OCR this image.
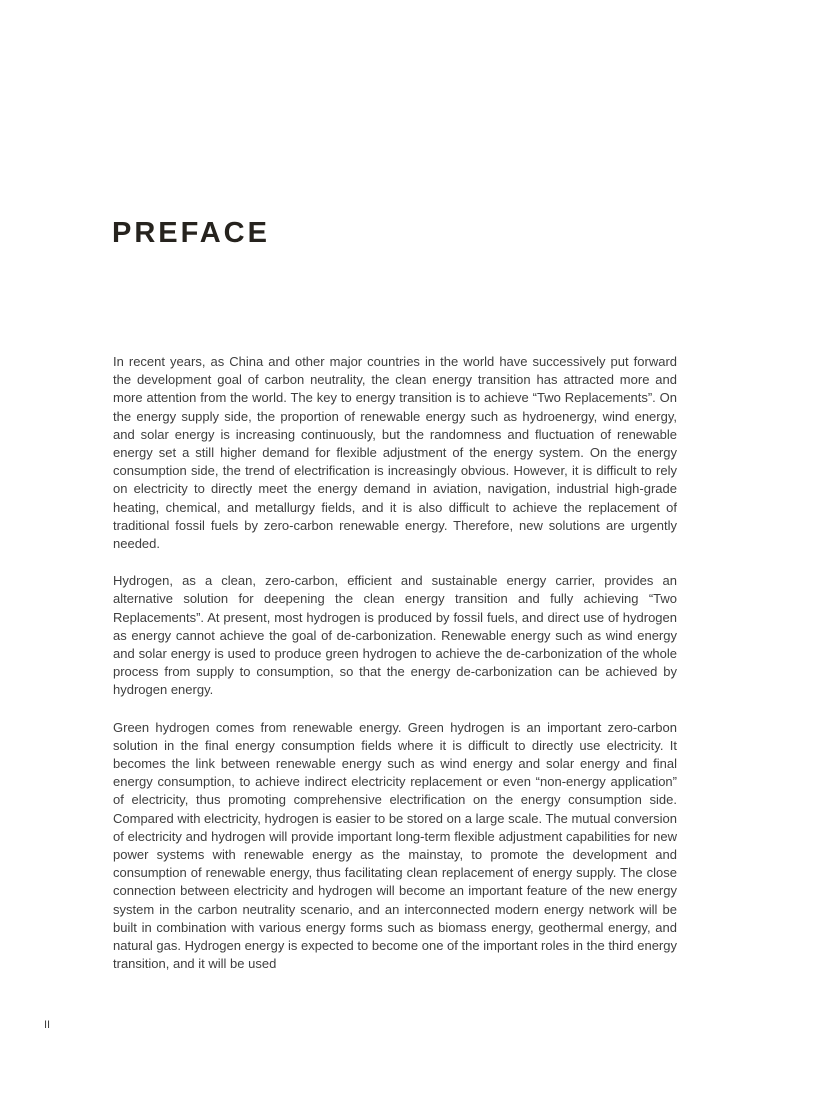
PREFACE

In recent years, as China and other major countries in the world have successively put forward the development goal of carbon neutrality, the clean energy transition has attracted more and more attention from the world. The key to energy transition is to achieve “Two Replacements”. On the energy supply side, the proportion of renewable energy such as hydroenergy, wind energy, and solar energy is increasing continuously, but the randomness and fluctuation of renewable energy set a still higher demand for flexible adjustment of the energy system. On the energy consumption side, the trend of electrification is increasingly obvious. However, it is difficult to rely on electricity to directly meet the energy demand in aviation, navigation, industrial high-grade heating, chemical, and metallurgy fields, and it is also difficult to achieve the replacement of traditional fossil fuels by zero-carbon renewable energy. Therefore, new solutions are urgently needed.

Hydrogen, as a clean, zero-carbon, efficient and sustainable energy carrier, provides an alternative solution for deepening the clean energy transition and fully achieving “Two Replacements”. At present, most hydrogen is produced by fossil fuels, and direct use of hydrogen as energy cannot achieve the goal of de-carbonization. Renewable energy such as wind energy and solar energy is used to produce green hydrogen to achieve the de-carbonization of the whole process from supply to consumption, so that the energy de-carbonization can be achieved by hydrogen energy.

Green hydrogen comes from renewable energy. Green hydrogen is an important zero-carbon solution in the final energy consumption fields where it is difficult to directly use electricity. It becomes the link between renewable energy such as wind energy and solar energy and final energy consumption, to achieve indirect electricity replacement or even “non-energy application” of electricity, thus promoting comprehensive electrification on the energy consumption side. Compared with electricity, hydrogen is easier to be stored on a large scale. The mutual conversion of electricity and hydrogen will provide important long-term flexible adjustment capabilities for new power systems with renewable energy as the mainstay, to promote the development and consumption of renewable energy, thus facilitating clean replacement of energy supply. The close connection between electricity and hydrogen will become an important feature of the new energy system in the carbon neutrality scenario, and an interconnected modern energy network will be built in combination with various energy forms such as biomass energy, geothermal energy, and natural gas. Hydrogen energy is expected to become one of the important roles in the third energy transition, and it will be used

II
